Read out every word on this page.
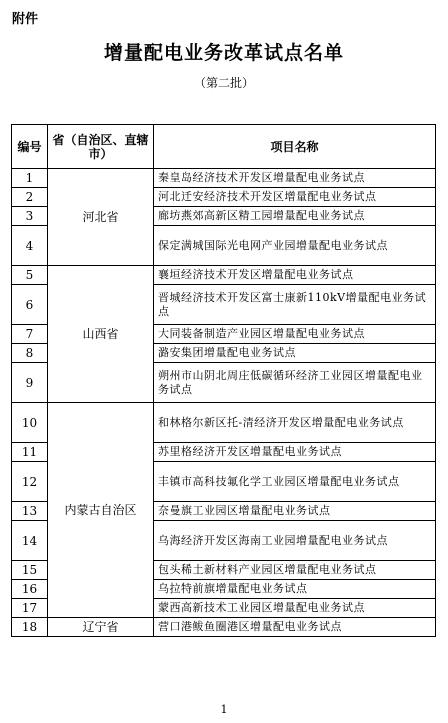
附件
增量配电业务改革试点名单
（第二批）
编号	省（自治区、直辖市）	项目名称
1	河北省	秦皇岛经济技术开发区增量配电业务试点
2		河北迁安经济技术开发区增量配电业务试点
3		廊坊燕郊高新区精工园增量配电业务试点
4		保定满城国际光电网产业园增量配电业务试点
5	山西省	襄垣经济技术开发区增量配电业务试点
6		晋城经济技术开发区富士康新110kV增量配电业务试点
7		大同装备制造产业园区增量配电业务试点
8		潞安集团增量配电业务试点
9		朔州市山阴北周庄低碳循环经济工业园区增量配电业务试点
10	内蒙古自治区	和林格尔新区托-清经济开发区增量配电业务试点
11		苏里格经济开发区增量配电业务试点
12		丰镇市高科技氟化学工业园区增量配电业务试点
13		奈曼旗工业园区增量配电业务试点
14		乌海经济开发区海南工业园增量配电业务试点
15		包头稀土新材料产业园区增量配电业务试点
16		乌拉特前旗增量配电业务试点
17		蒙西高新技术工业园区增量配电业务试点
18	辽宁省	营口港鲅鱼圈港区增量配电业务试点
1
